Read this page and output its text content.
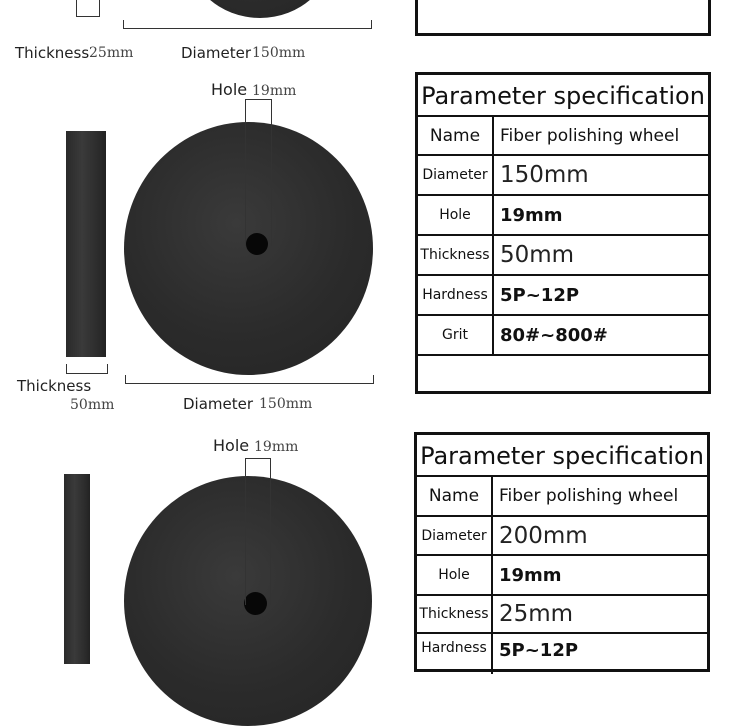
Thickness 25mm	Diameter 150mm
Hole 19mm
Thickness
50mm	Diameter 150mm
Parameter specification
Name	Fiber polishing wheel
Diameter 150mm
Hole	19mm
Thickness 50mm
Hardness 5P~12P
Grit	80#~800#
Hole 19mm	Parameter specification
Name	Fiber polishing wheel
Diameter 200mm
Hole	19mm
Thickness 25mm
Hardness 5P~12P
